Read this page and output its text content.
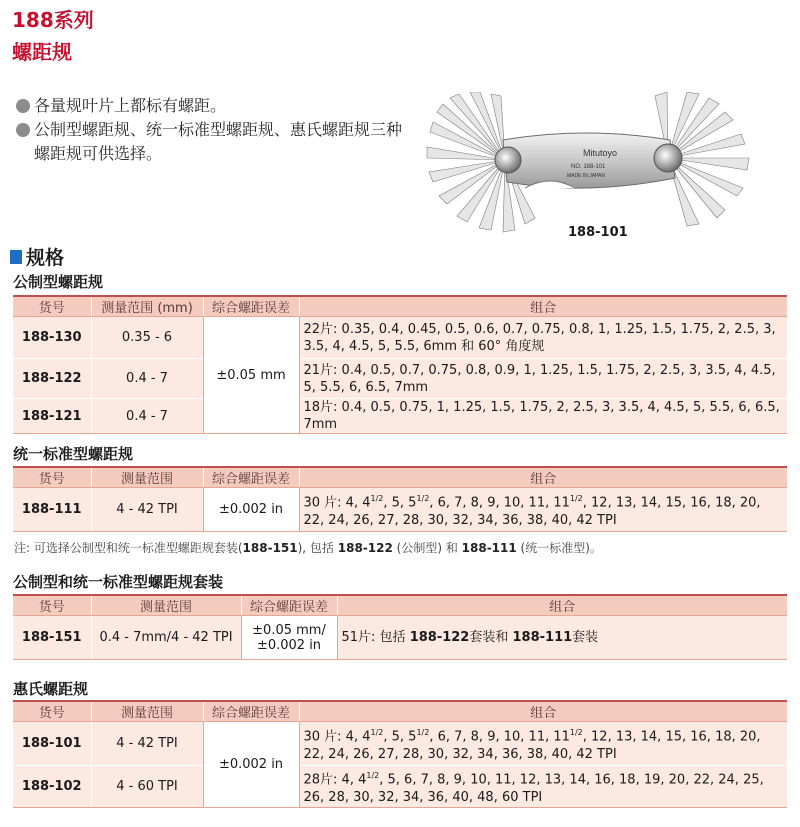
188系列
螺距规
各量规叶片上都标有螺距。
公制型螺距规、统一标准型螺距规、惠氏螺距规三种螺距规可供选择。	Mitutoyo
NO. 188-101
MADE IN JAPAN
188-101
规格
公制型螺距规
货号	测量范围 (mm)	综合螺距误差	组合
188-130	0.35 - 6	±0.05 mm	22片: 0.35, 0.4, 0.45, 0.5, 0.6, 0.7, 0.75, 0.8, 1, 1.25, 1.5, 1.75, 2, 2.5, 3, 3.5, 4, 4.5, 5, 5.5, 6mm 和 60° 角度规
188-122	0.4 - 7		21片: 0.4, 0.5, 0.7, 0.75, 0.8, 0.9, 1, 1.25, 1.5, 1.75, 2, 2.5, 3, 3.5, 4, 4.5, 5, 5.5, 6, 6.5, 7mm
188-121	0.4 - 7		18片: 0.4, 0.5, 0.75, 1, 1.25, 1.5, 1.75, 2, 2.5, 3, 3.5, 4, 4.5, 5, 5.5, 6, 6.5, 7mm
统一标准型螺距规
货号	测量范围	综合螺距误差	组合
188-111	4 - 42 TPI	±0.002 in	30 片: 4, $4^{1/2}$, 5, $5^{1/2}$, 6, 7, 8, 9, 10, 11, $11^{1/2}$, 12, 13, 14, 15, 16, 18, 20, 22, 24, 26, 27, 28, 30, 32, 34, 36, 38, 40, 42 TPI
注: 可选择公制型和统一标准型螺距规套装(188-151), 包括 188-122 (公制型) 和 188-111 (统一标准型)。
公制型和统一标准型螺距规套装
货号	测量范围	综合螺距误差	组合
188-151	0.4 - 7mm/4 - 42 TPI	±0.05 mm/
±0.002 in	51片: 包括 188-122套装和 188-111套装
惠氏螺距规
货号	测量范围	综合螺距误差	组合
188-101	4 - 42 TPI	±0.002 in	30 片: 4, $4^{1/2}$, 5, $5^{1/2}$, 6, 7, 8, 9, 10, 11, $11^{1/2}$, 12, 13, 14, 15, 16, 18, 20, 22, 24, 26, 27, 28, 30, 32, 34, 36, 38, 40, 42 TPI
188-102	4 - 60 TPI		28片: 4, $4^{1/2}$, 5, 6, 7, 8, 9, 10, 11, 12, 13, 14, 16, 18, 19, 20, 22, 24, 25, 26, 28, 30, 32, 34, 36, 40, 48, 60 TPI
